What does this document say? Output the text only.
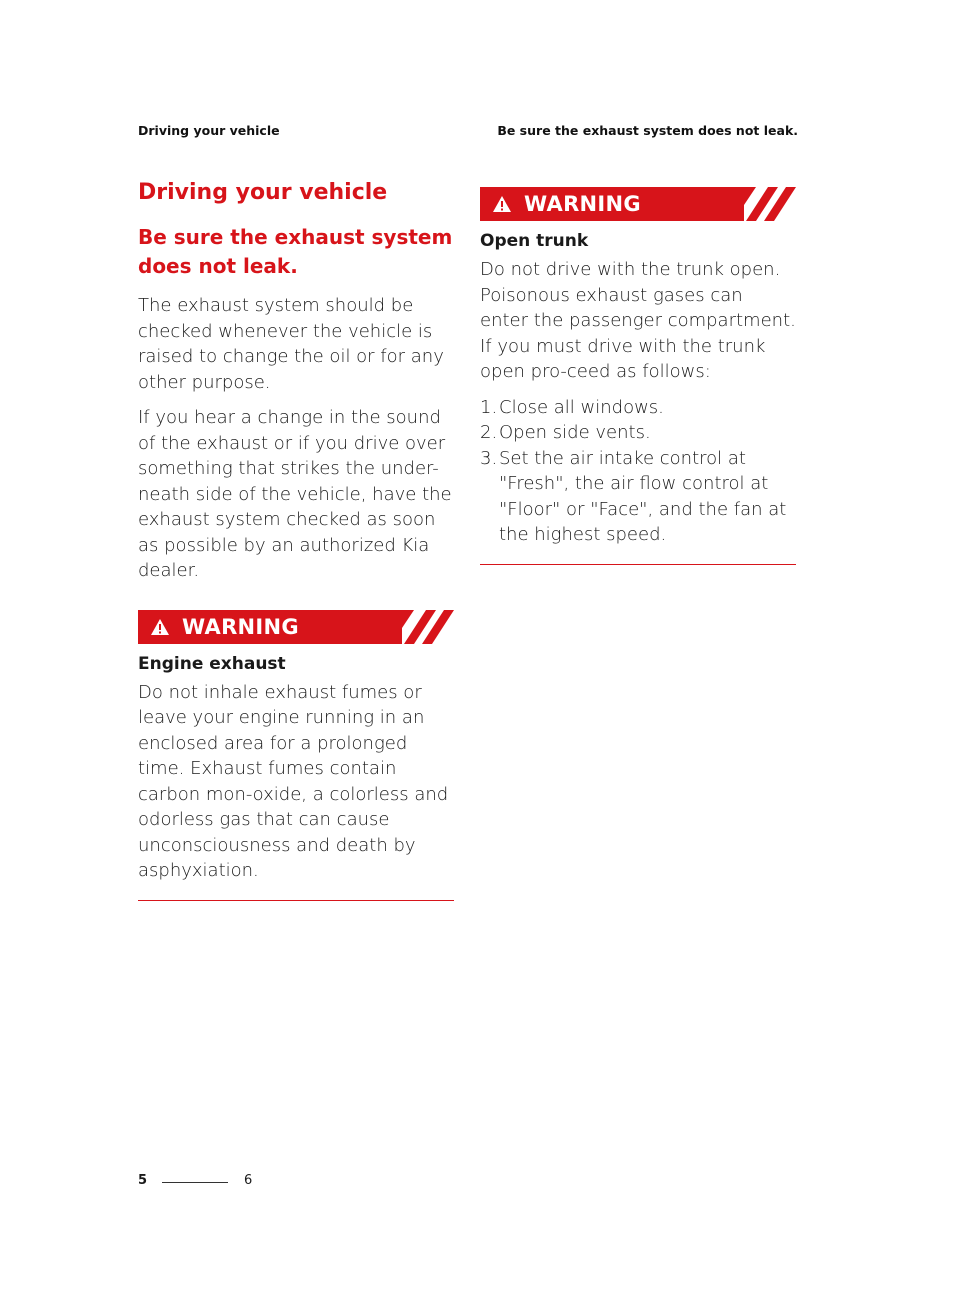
Driving your vehicle	Be sure the exhaust system does not leak.
Driving your vehicle
Be sure the exhaust system
does not leak.

The exhaust system should be checked whenever the vehicle is raised to change the oil or for any other purpose.

If you hear a change in the sound of the exhaust or if you drive over something that strikes the under-neath side of the vehicle, have the exhaust system checked as soon as possible by an authorized Kia dealer.

WARNING
Engine exhaust

Do not inhale exhaust fumes or leave your engine running in an enclosed area for a prolonged time. Exhaust fumes contain carbon mon-oxide, a colorless and odorless gas that can cause unconsciousness and death by asphyxiation.

WARNING
Open trunk

Do not drive with the trunk open. Poisonous exhaust gases can enter the passenger compartment. If you must drive with the trunk open pro-ceed as follows:

1. Close all windows.
2. Open side vents.
3. Set the air intake control at "Fresh", the air flow control at "Floor" or "Face", and the fan at the highest speed.
5	6
